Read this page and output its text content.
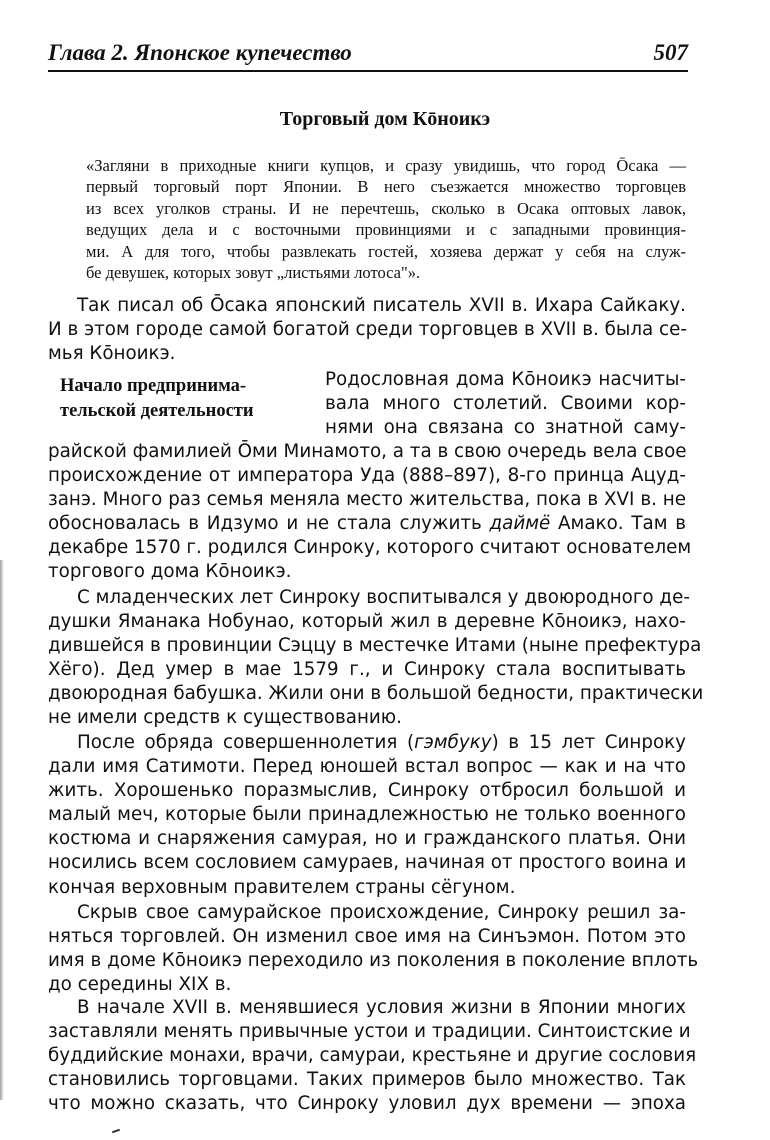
Глава 2. Японское купечество	507
Торговый дом Кōноикэ
«Загляни в приходные книги купцов, и сразу увидишь, что город Ōсака —
первый торговый порт Японии. В него съезжается множество торговцев
из всех уголков страны. И не перечтешь, сколько в Осака оптовых лавок,
ведущих дела и с восточными провинциями и с западными провинция-
ми. А для того, чтобы развлекать гостей, хозяева держат у себя на служ-
бе девушек, которых зовут „листьями лотоса"».
Так писал об Ōсака японский писатель XVII в. Ихара Сайкаку.
И в этом городе самой богатой среди торговцев в XVII в. была се-
мья Кōноикэ.
Начало предпринима-
тельской деятельности
Родословная дома Кōноикэ насчиты-
вала много столетий. Своими кор-
нями она связана со знатной саму-
райской фамилией Ōми Минамото, а та в свою очередь вела свое
происхождение от императора Уда (888–897), 8-го принца Ацуд-
занэ. Много раз семья меняла место жительства, пока в XVI в. не
обосновалась в Идзумо и не стала служить даймё Амако. Там в
декабре 1570 г. родился Синроку, которого считают основателем
торгового дома Кōноикэ.
С младенческих лет Синроку воспитывался у двоюродного де-
душки Яманака Нобунао, который жил в деревне Кōноикэ, нахо-
дившейся в провинции Сэццу в местечке Итами (ныне префектура
Хёго). Дед умер в мае 1579 г., и Синроку стала воспитывать
двоюродная бабушка. Жили они в большой бедности, практически
не имели средств к существованию.
После обряда совершеннолетия (гэмбуку) в 15 лет Синроку
дали имя Сатимоти. Перед юношей встал вопрос — как и на что
жить. Хорошенько поразмыслив, Синроку отбросил большой и
малый меч, которые были принадлежностью не только военного
костюма и снаряжения самурая, но и гражданского платья. Они
носились всем сословием самураев, начиная от простого воина и
кончая верховным правителем страны сёгуном.
Скрыв свое самурайское происхождение, Синроку решил за-
няться торговлей. Он изменил свое имя на Синъэмон. Потом это
имя в доме Кōноикэ переходило из поколения в поколение вплоть
до середины XIX в.
В начале XVII в. менявшиеся условия жизни в Японии многих
заставляли менять привычные устои и традиции. Синтоистские и
буддийские монахи, врачи, самураи, крестьяне и другие сословия
становились торговцами. Таких примеров было множество. Так
что можно сказать, что Синроку уловил дух времени — эпоха
